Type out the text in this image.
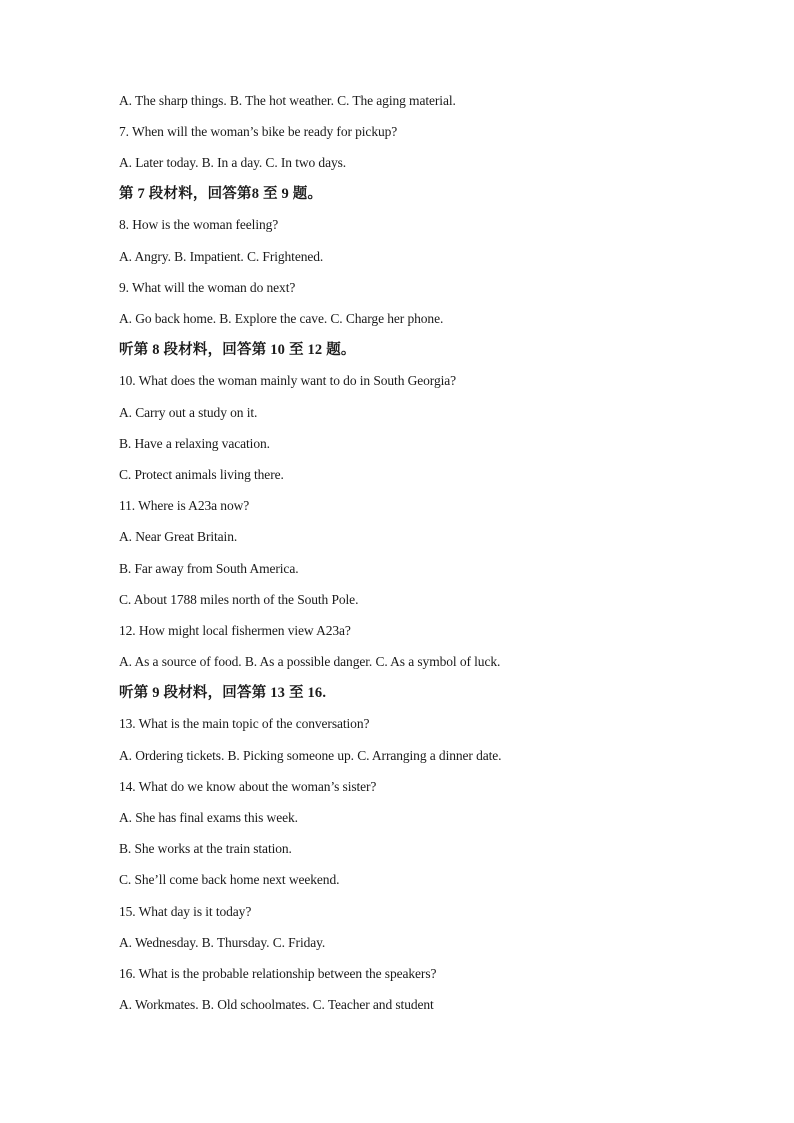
A. The sharp things. B. The hot weather. C. The aging material.
7. When will the woman’s bike be ready for pickup?
A. Later today. B. In a day. C. In two days.
第 7 段材料，回答第8 至 9 题。
8. How is the woman feeling?
A. Angry. B. Impatient. C. Frightened.
9. What will the woman do next?
A. Go back home. B. Explore the cave. C. Charge her phone.
听第 8 段材料，回答第 10 至 12 题。
10. What does the woman mainly want to do in South Georgia?
A. Carry out a study on it.
B. Have a relaxing vacation.
C. Protect animals living there.
11. Where is A23a now?
A. Near Great Britain.
B. Far away from South America.
C. About 1788 miles north of the South Pole.
12. How might local fishermen view A23a?
A. As a source of food. B. As a possible danger. C. As a symbol of luck.
听第 9 段材料，回答第 13 至 16.
13. What is the main topic of the conversation?
A. Ordering tickets. B. Picking someone up. C. Arranging a dinner date.
14. What do we know about the woman’s sister?
A. She has final exams this week.
B. She works at the train station.
C. She’ll come back home next weekend.
15. What day is it today?
A. Wednesday. B. Thursday. C. Friday.
16. What is the probable relationship between the speakers?
A. Workmates. B. Old schoolmates. C. Teacher and student
